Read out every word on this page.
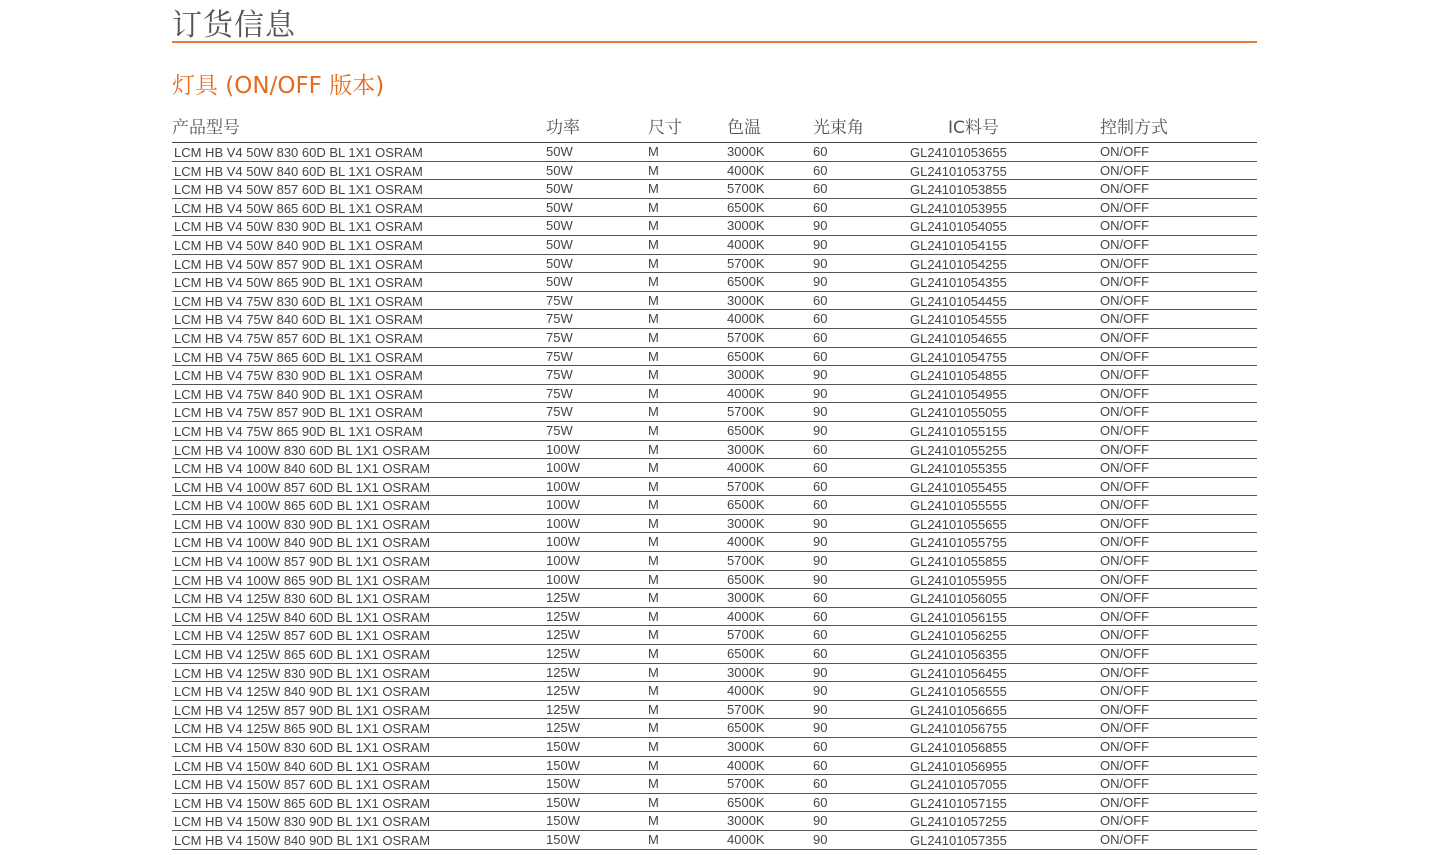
订货信息
灯具 (ON/OFF 版本)
产品型号	功率	尺寸	色温	光束角	IC料号	控制方式
LCM HB V4 50W 830 60D BL 1X1 OSRAM	50W	M	3000K	60	GL24101053655	ON/OFF
LCM HB V4 50W 840 60D BL 1X1 OSRAM	50W	M	4000K	60	GL24101053755	ON/OFF
LCM HB V4 50W 857 60D BL 1X1 OSRAM	50W	M	5700K	60	GL24101053855	ON/OFF
LCM HB V4 50W 865 60D BL 1X1 OSRAM	50W	M	6500K	60	GL24101053955	ON/OFF
LCM HB V4 50W 830 90D BL 1X1 OSRAM	50W	M	3000K	90	GL24101054055	ON/OFF
LCM HB V4 50W 840 90D BL 1X1 OSRAM	50W	M	4000K	90	GL24101054155	ON/OFF
LCM HB V4 50W 857 90D BL 1X1 OSRAM	50W	M	5700K	90	GL24101054255	ON/OFF
LCM HB V4 50W 865 90D BL 1X1 OSRAM	50W	M	6500K	90	GL24101054355	ON/OFF
LCM HB V4 75W 830 60D BL 1X1 OSRAM	75W	M	3000K	60	GL24101054455	ON/OFF
LCM HB V4 75W 840 60D BL 1X1 OSRAM	75W	M	4000K	60	GL24101054555	ON/OFF
LCM HB V4 75W 857 60D BL 1X1 OSRAM	75W	M	5700K	60	GL24101054655	ON/OFF
LCM HB V4 75W 865 60D BL 1X1 OSRAM	75W	M	6500K	60	GL24101054755	ON/OFF
LCM HB V4 75W 830 90D BL 1X1 OSRAM	75W	M	3000K	90	GL24101054855	ON/OFF
LCM HB V4 75W 840 90D BL 1X1 OSRAM	75W	M	4000K	90	GL24101054955	ON/OFF
LCM HB V4 75W 857 90D BL 1X1 OSRAM	75W	M	5700K	90	GL24101055055	ON/OFF
LCM HB V4 75W 865 90D BL 1X1 OSRAM	75W	M	6500K	90	GL24101055155	ON/OFF
LCM HB V4 100W 830 60D BL 1X1 OSRAM	100W	M	3000K	60	GL24101055255	ON/OFF
LCM HB V4 100W 840 60D BL 1X1 OSRAM	100W	M	4000K	60	GL24101055355	ON/OFF
LCM HB V4 100W 857 60D BL 1X1 OSRAM	100W	M	5700K	60	GL24101055455	ON/OFF
LCM HB V4 100W 865 60D BL 1X1 OSRAM	100W	M	6500K	60	GL24101055555	ON/OFF
LCM HB V4 100W 830 90D BL 1X1 OSRAM	100W	M	3000K	90	GL24101055655	ON/OFF
LCM HB V4 100W 840 90D BL 1X1 OSRAM	100W	M	4000K	90	GL24101055755	ON/OFF
LCM HB V4 100W 857 90D BL 1X1 OSRAM	100W	M	5700K	90	GL24101055855	ON/OFF
LCM HB V4 100W 865 90D BL 1X1 OSRAM	100W	M	6500K	90	GL24101055955	ON/OFF
LCM HB V4 125W 830 60D BL 1X1 OSRAM	125W	M	3000K	60	GL24101056055	ON/OFF
LCM HB V4 125W 840 60D BL 1X1 OSRAM	125W	M	4000K	60	GL24101056155	ON/OFF
LCM HB V4 125W 857 60D BL 1X1 OSRAM	125W	M	5700K	60	GL24101056255	ON/OFF
LCM HB V4 125W 865 60D BL 1X1 OSRAM	125W	M	6500K	60	GL24101056355	ON/OFF
LCM HB V4 125W 830 90D BL 1X1 OSRAM	125W	M	3000K	90	GL24101056455	ON/OFF
LCM HB V4 125W 840 90D BL 1X1 OSRAM	125W	M	4000K	90	GL24101056555	ON/OFF
LCM HB V4 125W 857 90D BL 1X1 OSRAM	125W	M	5700K	90	GL24101056655	ON/OFF
LCM HB V4 125W 865 90D BL 1X1 OSRAM	125W	M	6500K	90	GL24101056755	ON/OFF
LCM HB V4 150W 830 60D BL 1X1 OSRAM	150W	M	3000K	60	GL24101056855	ON/OFF
LCM HB V4 150W 840 60D BL 1X1 OSRAM	150W	M	4000K	60	GL24101056955	ON/OFF
LCM HB V4 150W 857 60D BL 1X1 OSRAM	150W	M	5700K	60	GL24101057055	ON/OFF
LCM HB V4 150W 865 60D BL 1X1 OSRAM	150W	M	6500K	60	GL24101057155	ON/OFF
LCM HB V4 150W 830 90D BL 1X1 OSRAM	150W	M	3000K	90	GL24101057255	ON/OFF
LCM HB V4 150W 840 90D BL 1X1 OSRAM	150W	M	4000K	90	GL24101057355	ON/OFF
